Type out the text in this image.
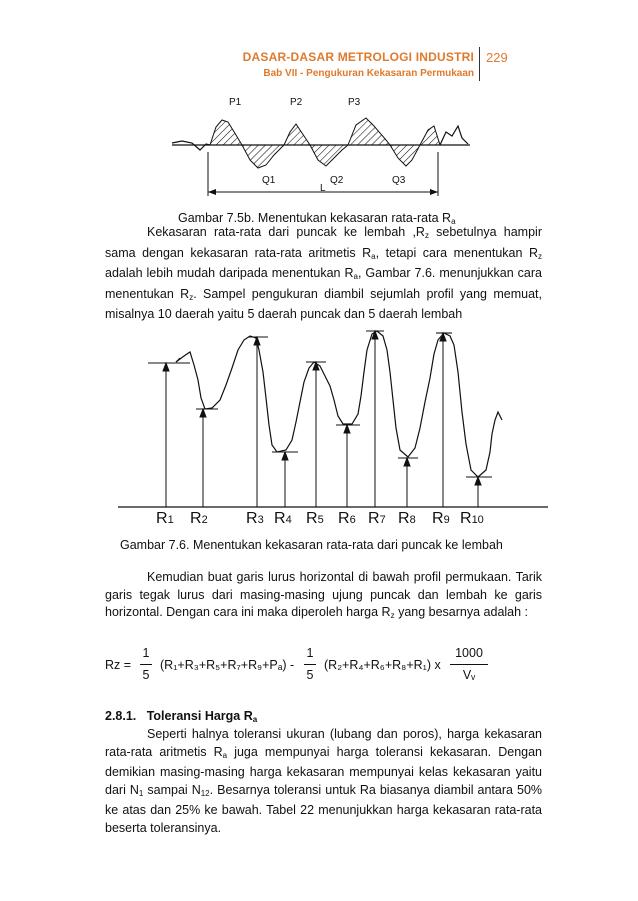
DASAR-DASAR METROLOGI INDUSTRI
Bab VII - Pengukuran Kekasaran Permukaan
229
P1	P2	P3
Q1	Q2	Q3
L
Gambar 7.5b. Menentukan kekasaran rata-rata $R_a$
Kekasaran rata-rata dari puncak ke lembah $,R_z$ sebetulnya hampir sama dengan kekasaran rata-rata aritmetis $R_a$, tetapi cara menentukan $R_z$ adalah lebih mudah daripada menentukan $R_a$, Gambar 7.6. menunjukkan cara menentukan $R_z$. Sampel pengukuran diambil sejumlah profil yang memuat, misalnya 10 daerah yaitu 5 daerah puncak dan 5 daerah lembah
R1 R2 R3 R4 R5 R6 R7 R8 R9 R10
Gambar 7.6. Menentukan kekasaran rata-rata dari puncak ke lembah
Kemudian buat garis lurus horizontal di bawah profil permukaan. Tarik garis tegak lurus dari masing-masing ujung puncak dan lembah ke garis horizontal. Dengan cara ini maka diperoleh harga $R_z$ yang besarnya adalah :
Rz =
1
5
(R₁+R₃+R₅+R₇+R₉+Pₐ) -
1
5
(R₂+R₄+R₆+R₈+R₁) x
1000
Vᵥ
2.8.1. Toleransi Harga $R_a$
Seperti halnya toleransi ukuran (lubang dan poros), harga kekasaran rata-rata aritmetis $R_a$ juga mempunyai harga toleransi kekasaran. Dengan demikian masing-masing harga kekasaran mempunyai kelas kekasaran yaitu dari $N_1$ sampai $N_{12}$. Besarnya toleransi untuk Ra biasanya diambil antara 50% ke atas dan 25% ke bawah. Tabel 22 menunjukkan harga kekasaran rata-rata beserta toleransinya.
